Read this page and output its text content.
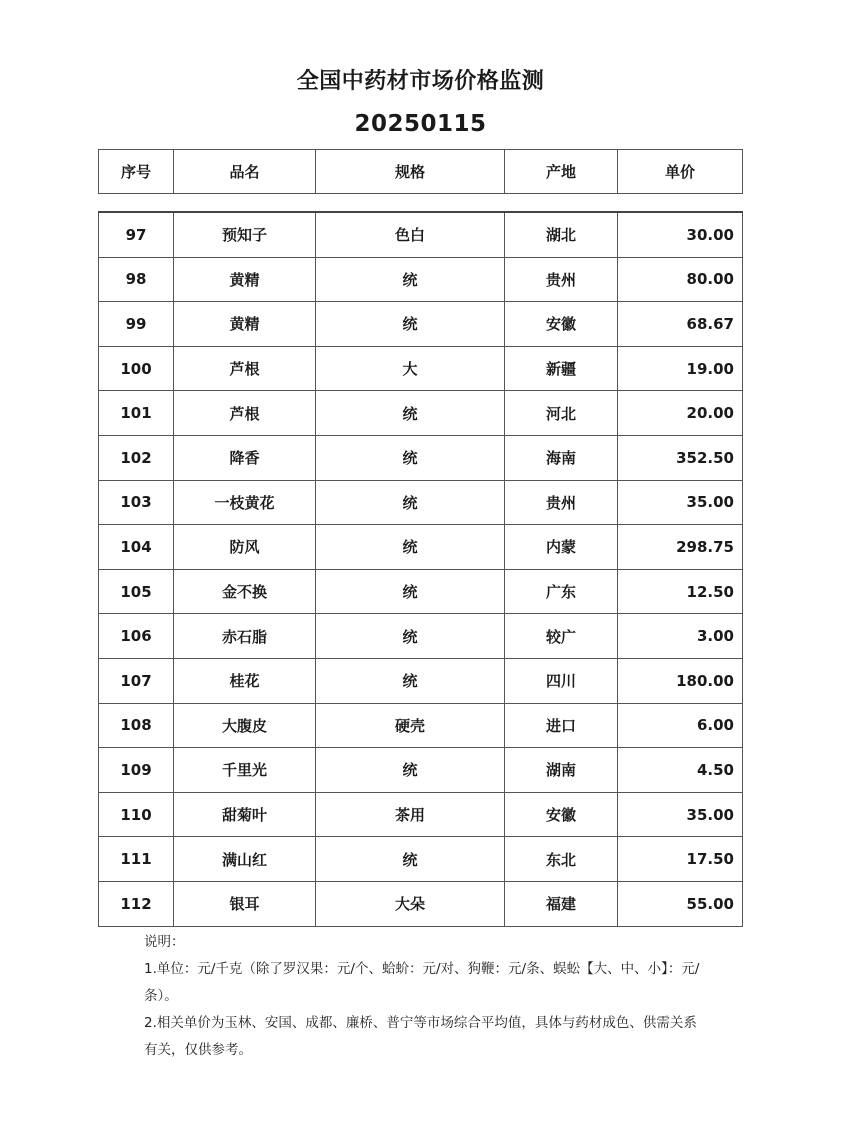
全国中药材市场价格监测
20250115
序号	品名	规格	产地	单价
97	预知子	色白	湖北	30.00
98	黄精	统	贵州	80.00
99	黄精	统	安徽	68.67
100	芦根	大	新疆	19.00
101	芦根	统	河北	20.00
102	降香	统	海南	352.50
103	一枝黄花	统	贵州	35.00
104	防风	统	内蒙	298.75
105	金不换	统	广东	12.50
106	赤石脂	统	较广	3.00
107	桂花	统	四川	180.00
108	大腹皮	硬壳	进口	6.00
109	千里光	统	湖南	4.50
110	甜菊叶	茶用	安徽	35.00
111	满山红	统	东北	17.50
112	银耳	大朵	福建	55.00
说明：
1.单位：元/千克（除了罗汉果：元/个、蛤蚧：元/对、狗鞭：元/条、蜈蚣【大、中、小】：元/条）。
2.相关单价为玉林、安国、成都、廉桥、普宁等市场综合平均值，具体与药材成色、供需关系有关，仅供参考。
